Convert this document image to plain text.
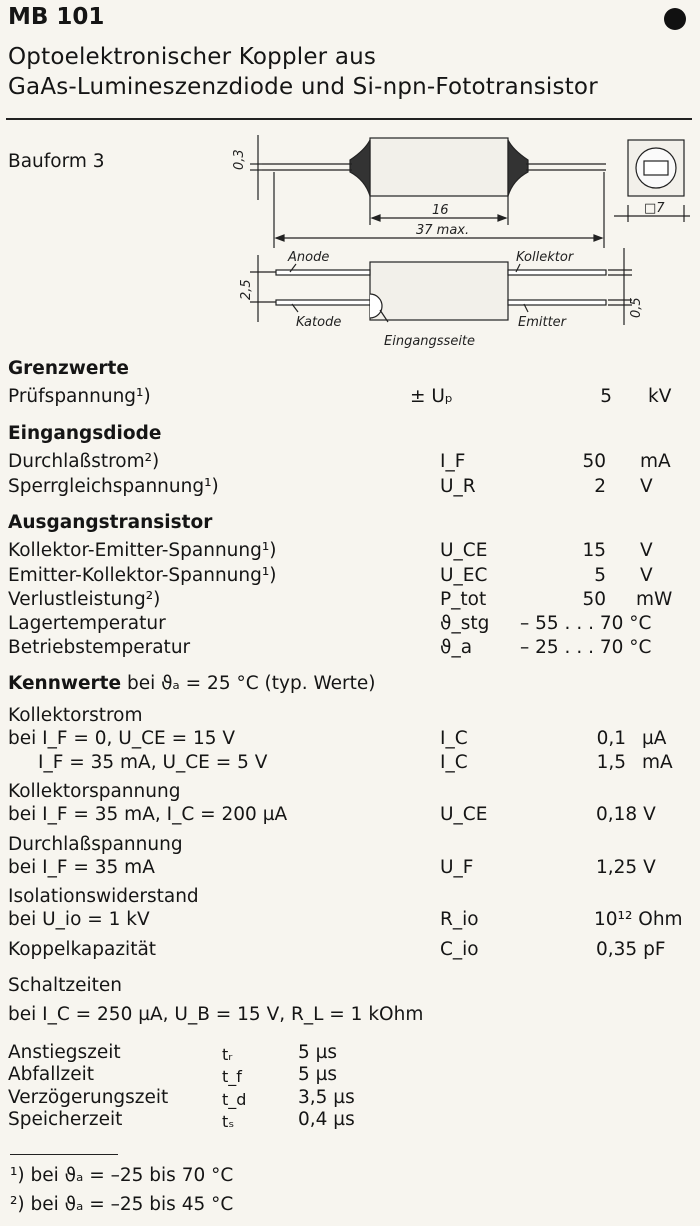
MB 101
Optoelektronischer Koppler aus
GaAs-Lumineszenzdiode und Si-npn-Fototransistor
Bauform 3	0,3
16
37 max.
□7
2,5
0,5
Anode	Kollektor
Katode	Emitter
Eingangsseite
Grenzwerte
Prüfspannung¹)	± Uₚ	5 kV
Eingangsdiode
Durchlaßstrom²)	I_F	50 mA
Sperrgleichspannung¹)	U_R	2 V
Ausgangstransistor
Kollektor-Emitter-Spannung¹)	U_CE	15 V
Emitter-Kollektor-Spannung¹)	U_EC	5 V
Verlustleistung²)	P_tot	50 mW
Lagertemperatur	ϑ_stg – 55 . . . 70 °C
Betriebstemperatur	ϑ_a	– 25 . . . 70 °C
Kennwerte bei ϑₐ = 25 °C (typ. Werte)
Kollektorstrom
bei I_F = 0, U_CE = 15 V	I_C	0,1 µA
I_F = 35 mA, U_CE = 5 V	I_C	1,5 mA
Kollektorspannung
bei I_F = 35 mA, I_C = 200 µA	U_CE	0,18 V
Durchlaßspannung
bei I_F = 35 mA	U_F	1,25 V
Isolationswiderstand
bei U_io = 1 kV	R_io	10¹² Ohm
Koppelkapazität	C_io	0,35 pF
Schaltzeiten
bei I_C = 250 µA, U_B = 15 V, R_L = 1 kOhm
Anstiegszeit	tᵣ	5 µs
Abfallzeit	t_f	5 µs
Verzögerungszeit	t_d	3,5 µs
Speicherzeit	tₛ	0,4 µs
¹) bei ϑₐ = –25 bis 70 °C
²) bei ϑₐ = –25 bis 45 °C
